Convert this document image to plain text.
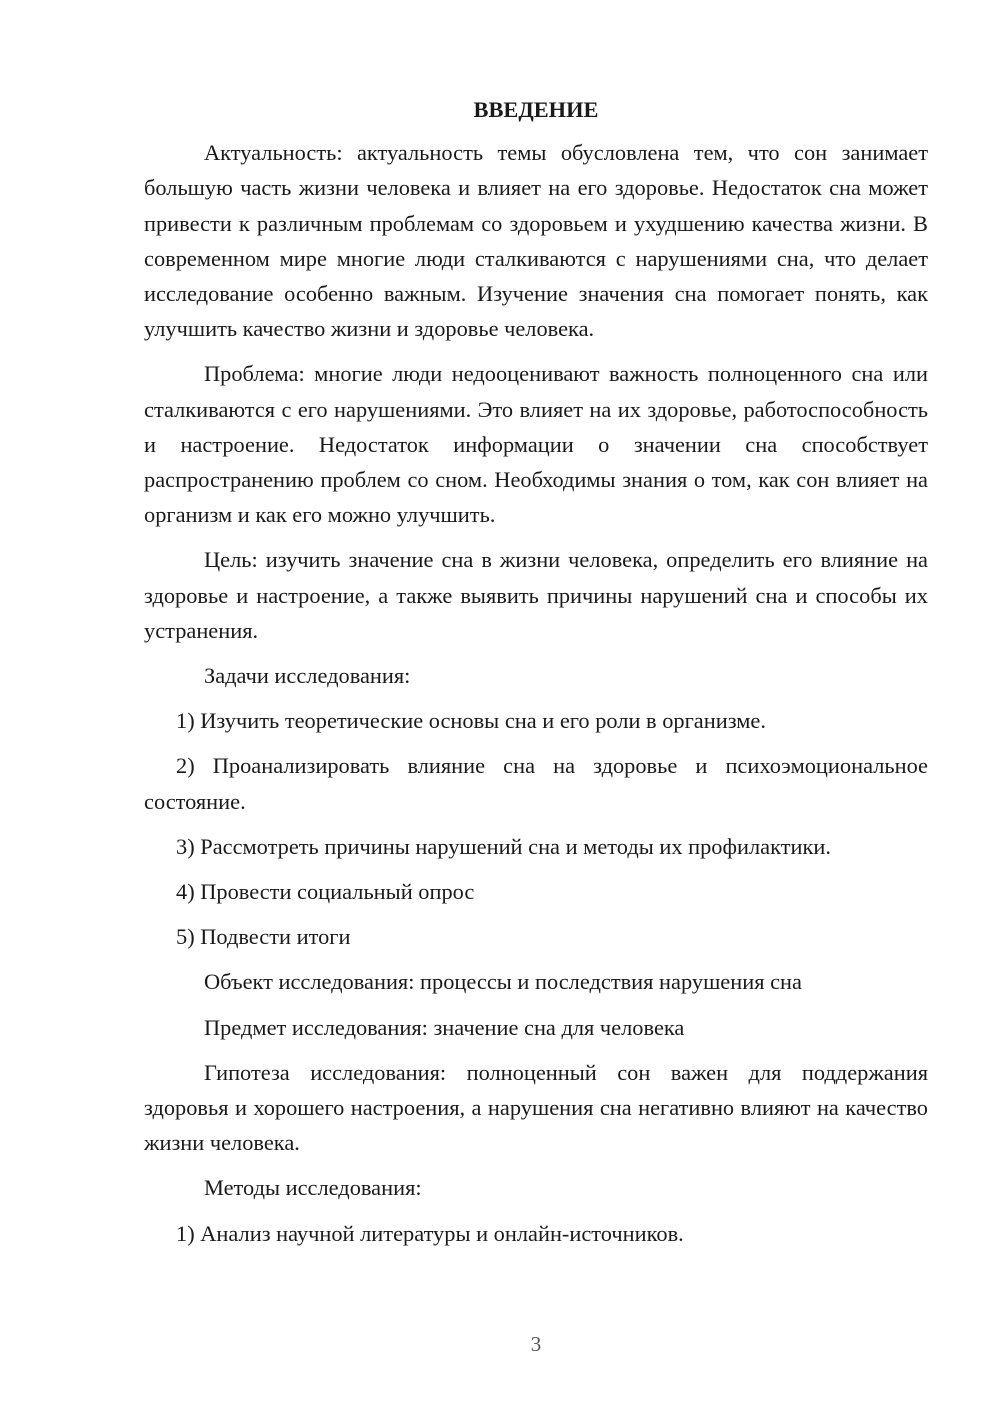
ВВЕДЕНИЕ

Актуальность: актуальность темы обусловлена тем, что сон занимает большую часть жизни человека и влияет на его здоровье. Недостаток сна может привести к различным проблемам со здоровьем и ухудшению качества жизни. В современном мире многие люди сталкиваются с нарушениями сна, что делает исследование особенно важным. Изучение значения сна помогает понять, как улучшить качество жизни и здоровье человека.

Проблема: многие люди недооценивают важность полноценного сна или сталкиваются с его нарушениями. Это влияет на их здоровье, работоспособность и настроение. Недостаток информации о значении сна способствует распространению проблем со сном. Необходимы знания о том, как сон влияет на организм и как его можно улучшить.

Цель: изучить значение сна в жизни человека, определить его влияние на здоровье и настроение, а также выявить причины нарушений сна и способы их устранения.

Задачи исследования:

1) Изучить теоретические основы сна и его роли в организме.

2) Проанализировать влияние сна на здоровье и психоэмоциональное состояние.

3) Рассмотреть причины нарушений сна и методы их профилактики.

4) Провести социальный опрос

5) Подвести итоги

Объект исследования: процессы и последствия нарушения сна

Предмет исследования: значение сна для человека

Гипотеза исследования: полноценный сон важен для поддержания здоровья и хорошего настроения, а нарушения сна негативно влияют на качество жизни человека.

Методы исследования:

1) Анализ научной литературы и онлайн-источников.

3
